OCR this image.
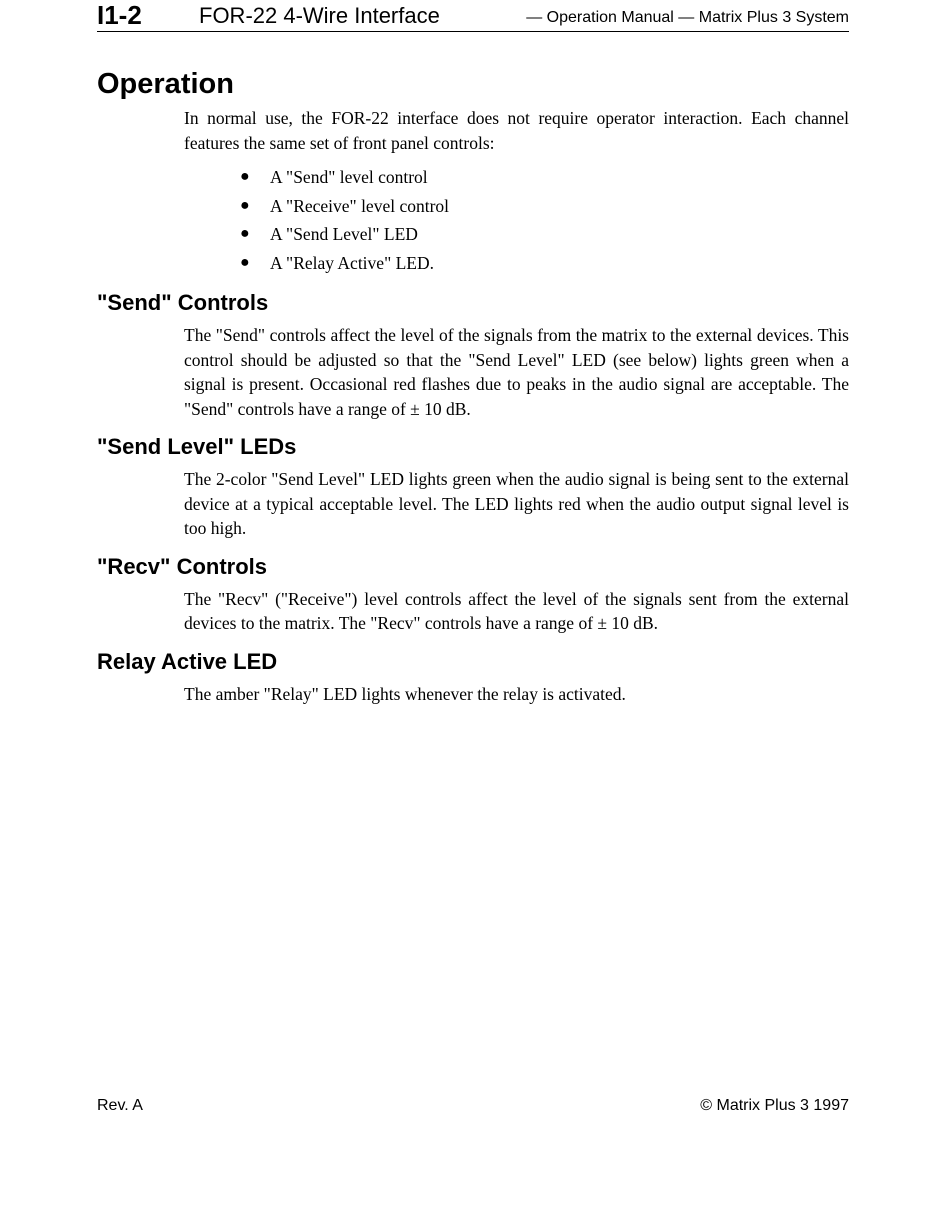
I1-2	FOR-22 4-Wire Interface	— Operation Manual — Matrix Plus 3 System
Operation

In normal use, the FOR-22 interface does not require operator interaction. Each channel features the same set of front panel controls:

● A "Send" level control
● A "Receive" level control
● A "Send Level" LED
● A "Relay Active" LED.
"Send" Controls

The "Send" controls affect the level of the signals from the matrix to the external devices. This control should be adjusted so that the "Send Level" LED (see below) lights green when a signal is present. Occasional red flashes due to peaks in the audio signal are acceptable. The "Send" controls have a range of ± 10 dB.

"Send Level" LEDs

The 2-color "Send Level" LED lights green when the audio signal is being sent to the external device at a typical acceptable level. The LED lights red when the audio output signal level is too high.

"Recv" Controls

The "Recv" ("Receive") level controls affect the level of the signals sent from the external devices to the matrix. The "Recv" controls have a range of ± 10 dB.

Relay Active LED

The amber "Relay" LED lights whenever the relay is activated.

Rev. A	© Matrix Plus 3 1997
